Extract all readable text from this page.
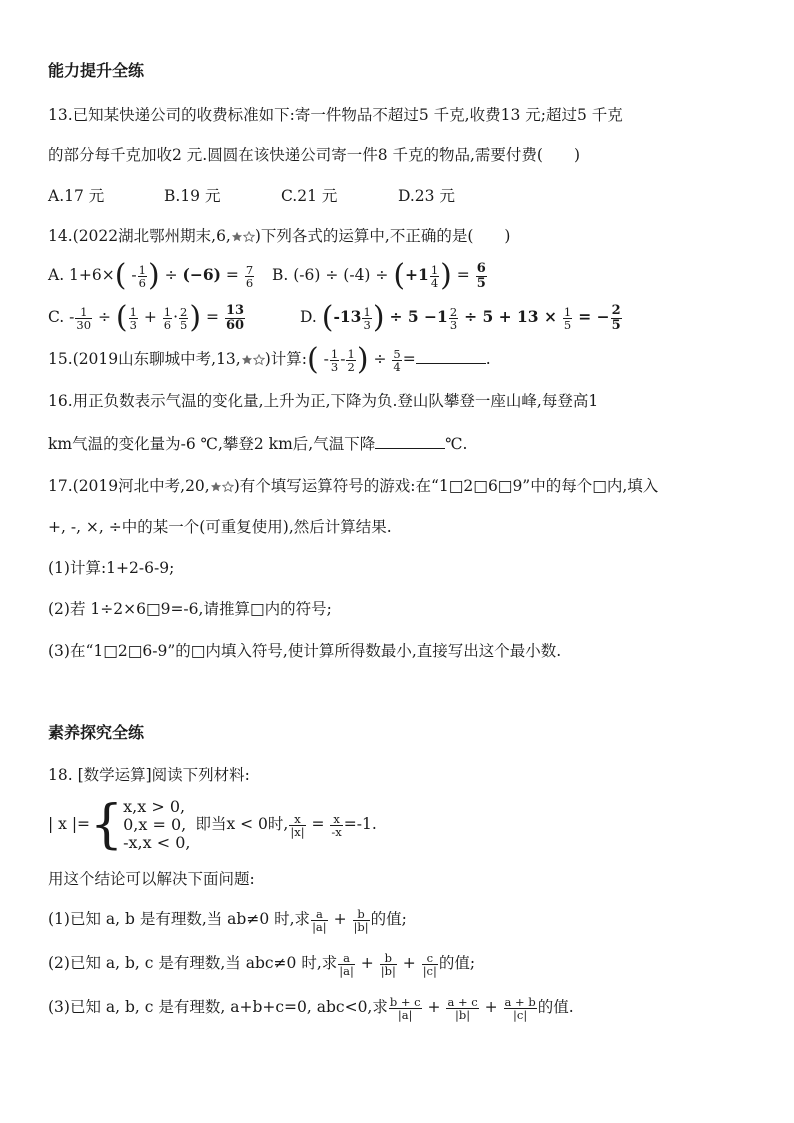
能力提升全练
13.已知某快递公司的收费标准如下:寄一件物品不超过5 千克,收费13 元;超过5 千克
的部分每千克加收2 元.圆圆在该快递公司寄一件8 千克的物品,需要付费(　　)
A.17 元	B.19 元	C.21 元	D.23 元
14.(2022湖北鄂州期末,6, )下列各式的运算中,不正确的是(　　)
A. $1+6\times( - \frac{1}{6}$ ) ÷ $(-6) = \frac{7}{6} B$. $(-6) \div (-4) \div (+1 \frac{1}{4}$ ) = $\frac{6}{5}$
C. - $\frac{1}{30}$ ÷ ( $\frac{1}{3} + \frac{1}{6} \cdot \frac{2}{5}$ ) = $\frac{13}{60}$	D. ($-13 \frac{1}{3}$ ) ÷ $5 -1 \frac{2}{3} \div 5 + 13 \times \frac{1}{5}$ = − $\frac{2}{5}$
15.(2019山东聊城中考,13, )计算:( - $\frac{1}{3} - \frac{1}{2}$ ) ÷ $\frac{5}{4}$ =	.
16.用正负数表示气温的变化量,上升为正,下降为负.登山队攀登一座山峰,每登高1
km气温的变化量为-6 ℃,攀登2 km后,气温下降	℃.
17.(2019河北中考,20, )有个填写运算符号的游戏:在“1□2□6□9”中的每个□内,填入
+, -, ×, ÷中的某一个(可重复使用),然后计算结果.
(1)计算:1+2-6-9;
(2)若 1÷2×6□9=-6,请推算□内的符号;
(3)在“1□2□6-9”的□内填入符号,使计算所得数最小,直接写出这个最小数.
素养探究全练
18. [数学运算]阅读下列材料:
| x |={ x,x > 0,
0,x = 0,
-x,x < 0,
即当x < 0时, $\frac{x}{|x|} = \frac{x}{-x} =-1$.
用这个结论可以解决下面问题:
(1)已知 a, b 是有理数,当 ab≠0 时,求 $\frac{a}{|a|} + \frac{b}{|b|}$ 的值;
(2)已知 a, b, c 是有理数,当 abc≠0 时,求 $\frac{a}{|a|} + \frac{b}{|b|} + \frac{c}{|c|}$ 的值;
(3)已知 a, b, c 是有理数, a+b+c=0, abc<0,求 $\frac{b + c}{|a|} + \frac{a + c}{|b|} + \frac{a + b}{|c|}$ 的值.
